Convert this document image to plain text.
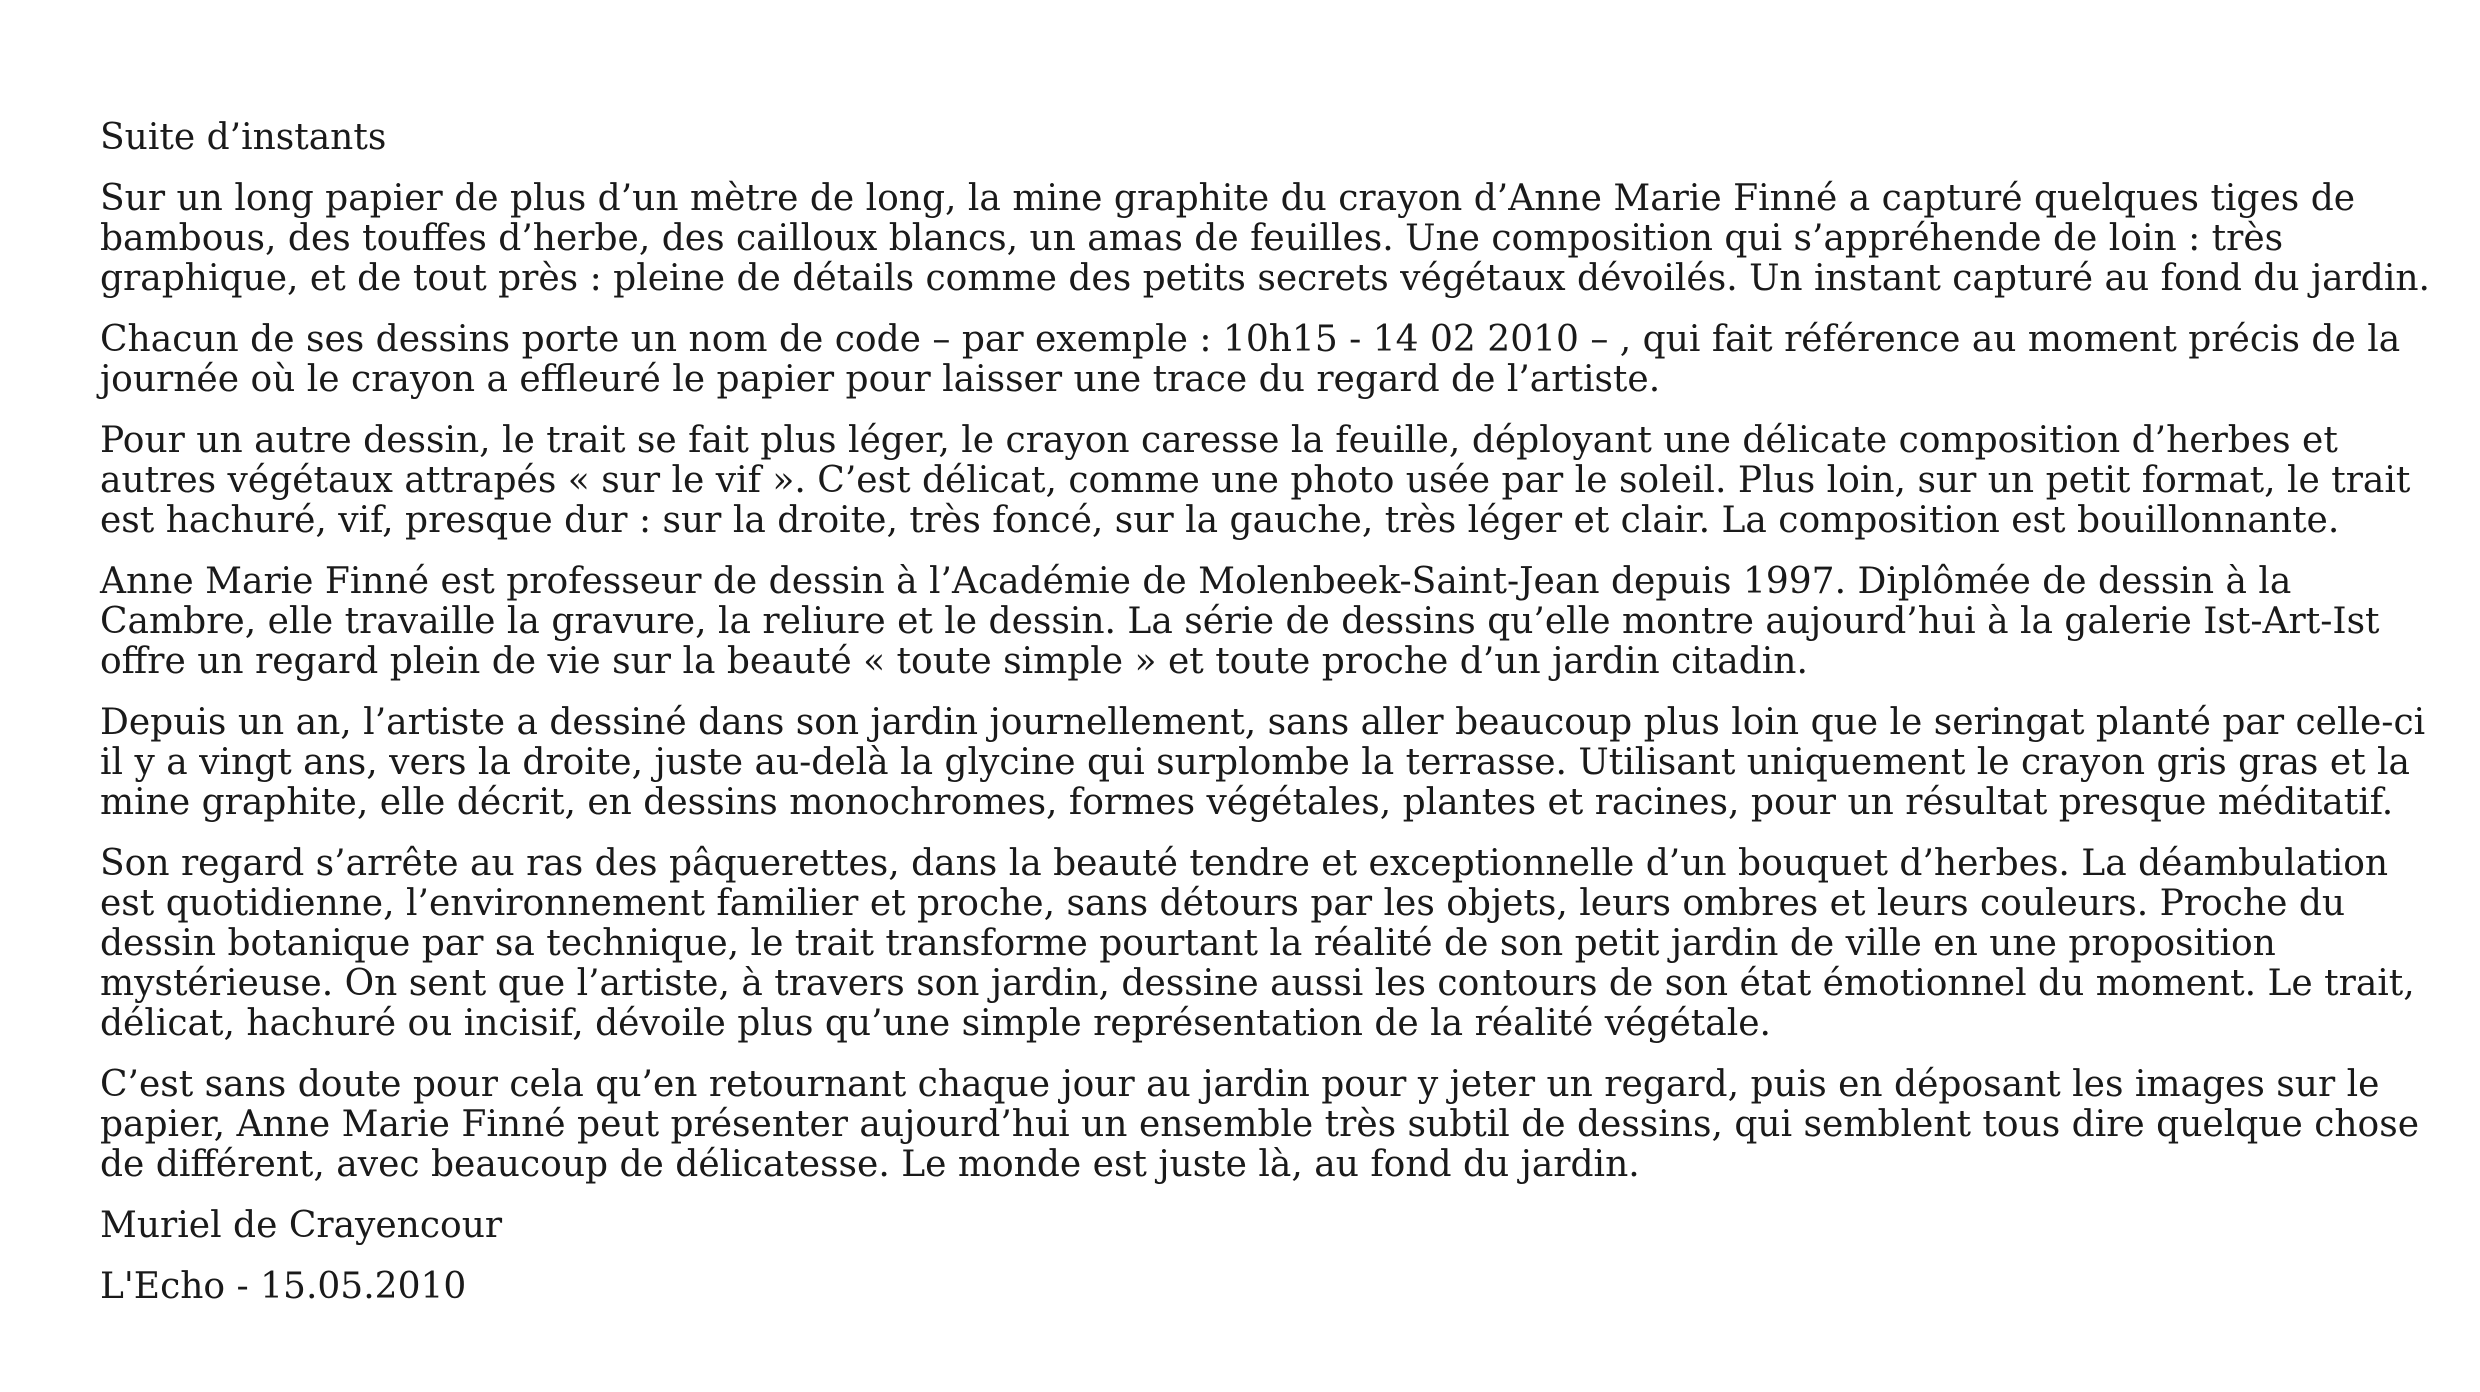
Suite d’instants

Sur un long papier de plus d’un mètre de long, la mine graphite du crayon d’Anne Marie Finné a capturé quelques tiges de bambous, des touffes d’herbe, des cailloux blancs, un amas de feuilles. Une composition qui s’appréhende de loin : très graphique, et de tout près : pleine de détails comme des petits secrets végétaux dévoilés. Un instant capturé au fond du jardin.

Chacun de ses dessins porte un nom de code – par exemple : 10h15 - 14 02 2010 – , qui fait référence au moment précis de la journée où le crayon a effleuré le papier pour laisser une trace du regard de l’artiste.

Pour un autre dessin, le trait se fait plus léger, le crayon caresse la feuille, déployant une délicate composition d’herbes et autres végétaux attrapés « sur le vif ». C’est délicat, comme une photo usée par le soleil. Plus loin, sur un petit format, le trait est hachuré, vif, presque dur : sur la droite, très foncé, sur la gauche, très léger et clair. La composition est bouillonnante.

Anne Marie Finné est professeur de dessin à l’Académie de Molenbeek-Saint-Jean depuis 1997. Diplômée de dessin à la Cambre, elle travaille la gravure, la reliure et le dessin. La série de dessins qu’elle montre aujourd’hui à la galerie Ist-Art-Ist offre un regard plein de vie sur la beauté « toute simple » et toute proche d’un jardin citadin.

Depuis un an, l’artiste a dessiné dans son jardin journellement, sans aller beaucoup plus loin que le seringat planté par celle-ci il y a vingt ans, vers la droite, juste au-delà la glycine qui surplombe la terrasse. Utilisant uniquement le crayon gris gras et la mine graphite, elle décrit, en dessins monochromes, formes végétales, plantes et racines, pour un résultat presque méditatif.

Son regard s’arrête au ras des pâquerettes, dans la beauté tendre et exceptionnelle d’un bouquet d’herbes. La déambulation est quotidienne, l’environnement familier et proche, sans détours par les objets, leurs ombres et leurs couleurs. Proche du dessin botanique par sa technique, le trait transforme pourtant la réalité de son petit jardin de ville en une proposition mystérieuse. On sent que l’artiste, à travers son jardin, dessine aussi les contours de son état émotionnel du moment. Le trait, délicat, hachuré ou incisif, dévoile plus qu’une simple représentation de la réalité végétale.

C’est sans doute pour cela qu’en retournant chaque jour au jardin pour y jeter un regard, puis en déposant les images sur le papier, Anne Marie Finné peut présenter aujourd’hui un ensemble très subtil de dessins, qui semblent tous dire quelque chose de différent, avec beaucoup de délicatesse. Le monde est juste là, au fond du jardin.

Muriel de Crayencour

L'Echo - 15.05.2010
